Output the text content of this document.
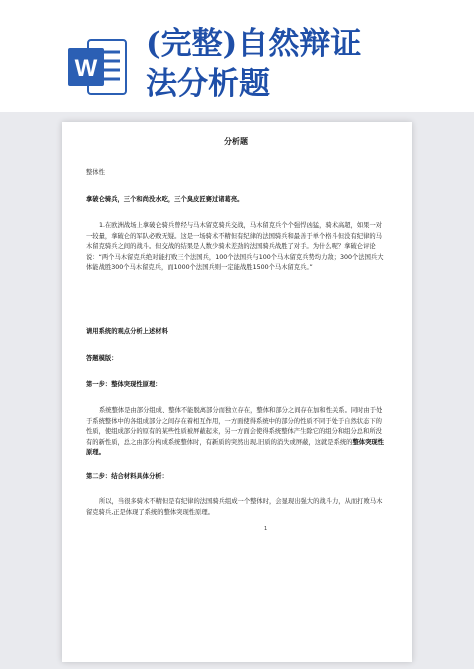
W
(完整)自然辩证
法分析题
分析题
整体性
拿破仑骑兵，三个和尚没水吃，三个臭皮匠赛过诸葛亮。
1.在欧洲战场上拿破仑骑兵曾经与马木留克骑兵交战，马木留克兵个个强悍凶猛，骑术高超，如果一对一较量，拿破仑的军队必败无疑。这是一场骑术不精但有纪律的法国骑兵和最善于单个格斗但没有纪律的马木留克骑兵之间的战斗。但交战的结果是人数少骑术差劲的法国骑兵战胜了对手。为什么呢？拿破仑评论说：“两个马木留克兵绝对能打败三个法国兵，100个法国兵与100个马木留克兵势均力敌；300个法国兵大体能战胜300个马木留克兵，而1000个法国兵则一定能战胜1500个马木留克兵。”
请用系统的观点分析上述材料
答题模版：
第一步：整体突现性原理：
系统整体是由部分组成、整体不能脱离部分而独立存在，整体和部分之间存在加和性关系。同时由于处于系统整体中的各组成部分之间存在着相互作用，一方面使得系统中的部分的性质不同于处于自然状态下的性质，使组成部分的原有的某些性质被屏蔽起来，另一方面会使得系统整体产生除它的组分和组分总和所没有的新性质，总之由部分构成系统整体时，有新质的突然出现,旧质的消失或屏蔽，这就是系统的整体突现性原理。
第二步：结合材料具体分析：
所以，当很多骑术不精但是有纪律的法国骑兵组成一个整体时，会显现出强大的战斗力，从而打败马木留克骑兵,正是体现了系统的整体突现性原理。
1
